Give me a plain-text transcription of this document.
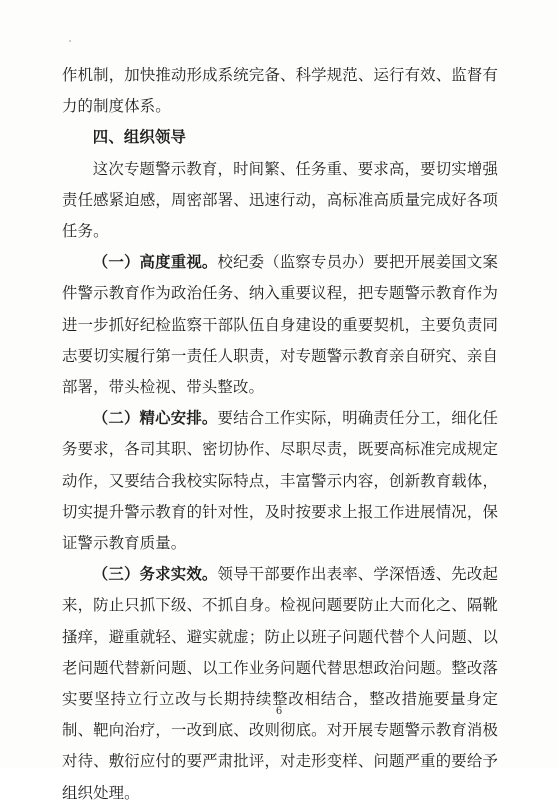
作机制，加快推动形成系统完备、科学规范、运行有效、监督有力的制度体系。

四、组织领导

这次专题警示教育，时间繁、任务重、要求高，要切实增强责任感紧迫感，周密部署、迅速行动，高标准高质量完成好各项任务。

（一）高度重视。校纪委（监察专员办）要把开展姜国文案件警示教育作为政治任务、纳入重要议程，把专题警示教育作为进一步抓好纪检监察干部队伍自身建设的重要契机，主要负责同志要切实履行第一责任人职责，对专题警示教育亲自研究、亲自部署，带头检视、带头整改。

（二）精心安排。要结合工作实际，明确责任分工，细化任务要求，各司其职、密切协作、尽职尽责，既要高标准完成规定动作，又要结合我校实际特点，丰富警示内容，创新教育载体，切实提升警示教育的针对性，及时按要求上报工作进展情况，保证警示教育质量。

（三）务求实效。领导干部要作出表率、学深悟透、先改起来，防止只抓下级、不抓自身。检视问题要防止大而化之、隔靴搔痒，避重就轻、避实就虚；防止以班子问题代替个人问题、以老问题代替新问题、以工作业务问题代替思想政治问题。整改落实要坚持立行立改与长期持续整改相结合，整改措施要量身定制、靶向治疗，一改到底、改则彻底。对开展专题警示教育消极对待、敷衍应付的要严肃批评，对走形变样、问题严重的要给予组织处理。

6
